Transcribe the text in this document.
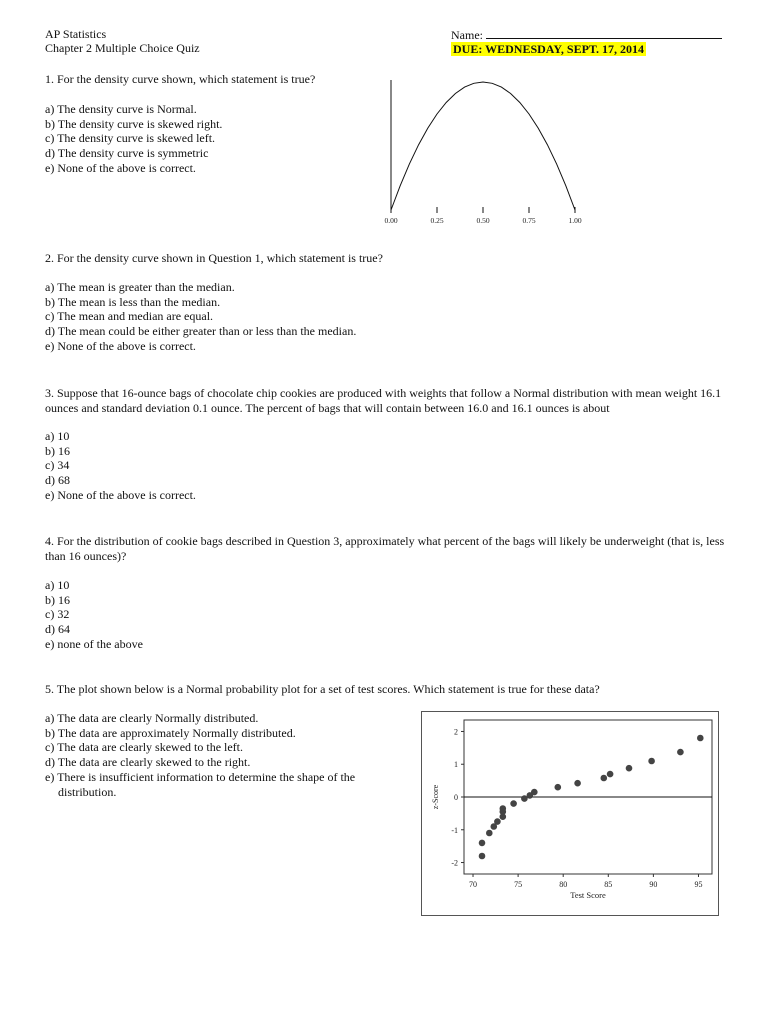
AP Statistics
Chapter 2 Multiple Choice Quiz
Name:
DUE: WEDNESDAY, SEPT. 17, 2014
1. For the density curve shown, which statement is true?
a) The density curve is Normal.
b) The density curve is skewed right.
c) The density curve is skewed left.
d) The density curve is symmetric
e) None of the above is correct.
0.00	0.25	0.50	0.75	1.00
2. For the density curve shown in Question 1, which statement is true?
a) The mean is greater than the median.
b) The mean is less than the median.
c) The mean and median are equal.
d) The mean could be either greater than or less than the median.
e) None of the above is correct.
3. Suppose that 16-ounce bags of chocolate chip cookies are produced with weights that follow a Normal distribution with mean weight 16.1 ounces and standard deviation 0.1 ounce. The percent of bags that will contain between 16.0 and 16.1 ounces is about
a) 10
b) 16
c) 34
d) 68
e) None of the above is correct.
4. For the distribution of cookie bags described in Question 3, approximately what percent of the bags will likely be underweight (that is, less than 16 ounces)?
a) 10
b) 16
c) 32
d) 64
e) none of the above
5. The plot shown below is a Normal probability plot for a set of test scores. Which statement is true for these data?
a) The data are clearly Normally distributed.
b) The data are approximately Normally distributed.
c) The data are clearly skewed to the left.
d) The data are clearly skewed to the right.
e) There is insufficient information to determine the shape of the distribution.
2
1
0
-1
-2
70	75	80	85	90	95
Test Score
z-Score
